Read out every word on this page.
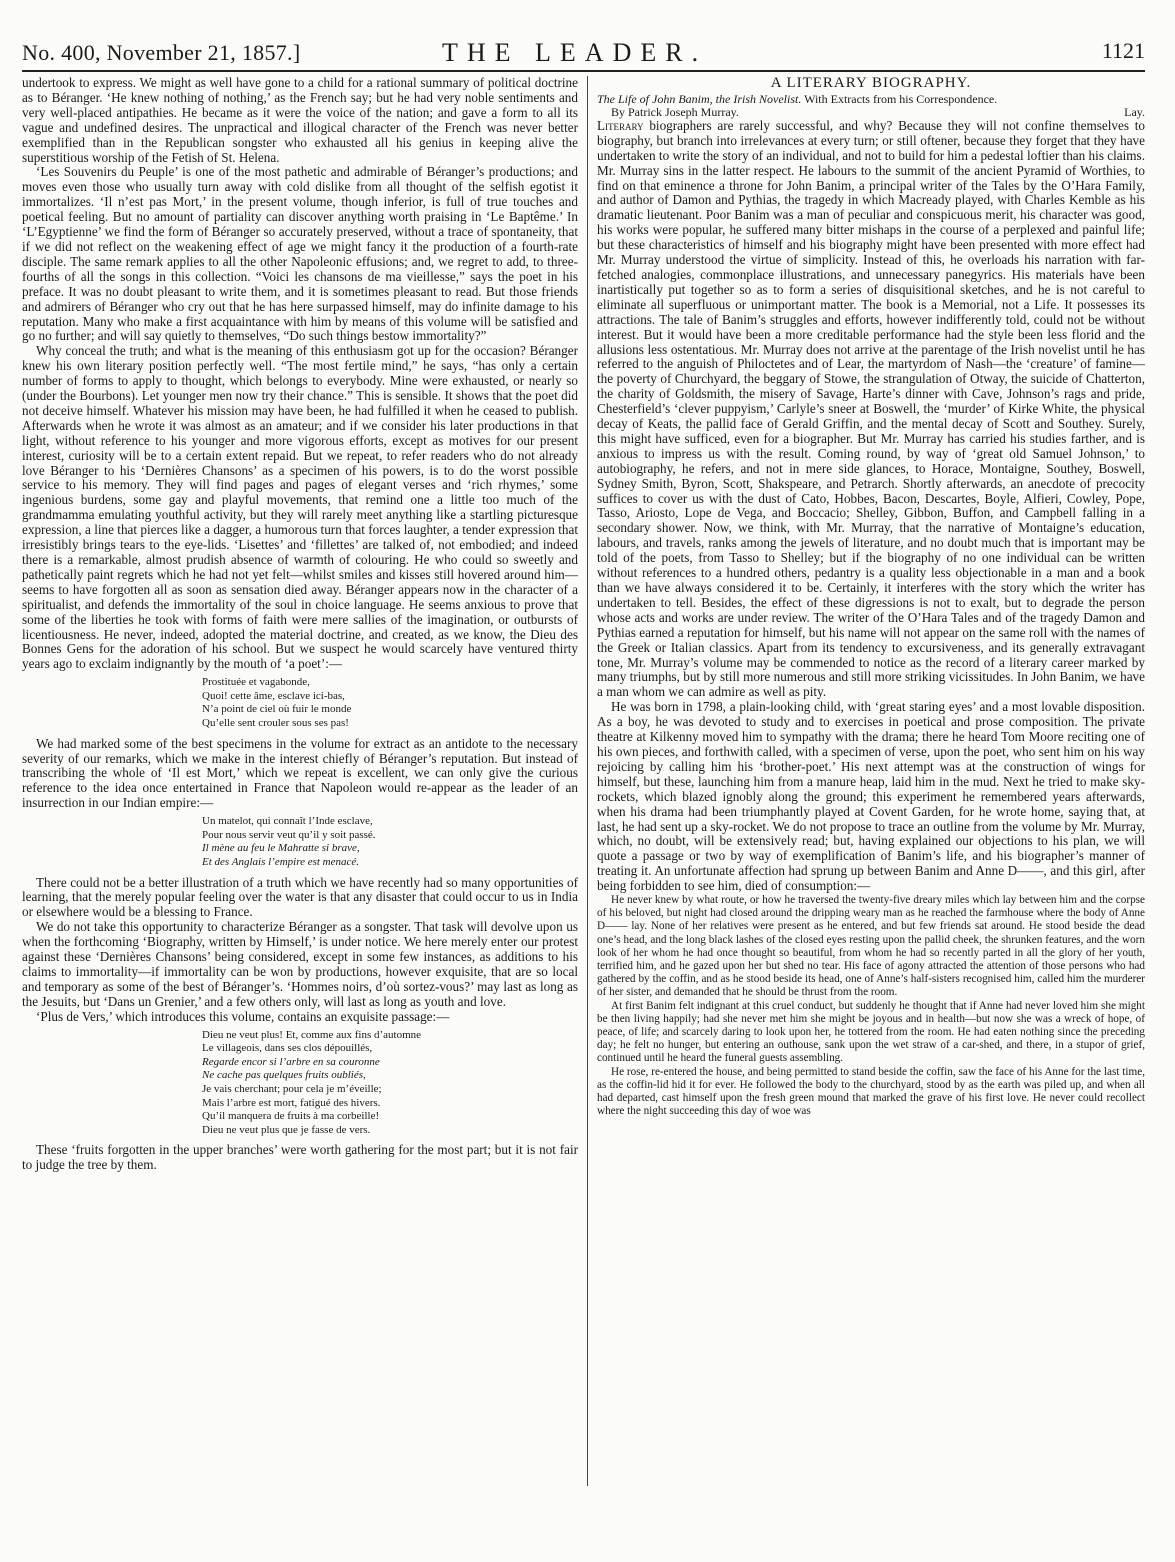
No. 400, November 21, 1857.]	THE LEADER.	1121

undertook to express. We might as well have gone to a child for a rational summary of political doctrine as to Béranger. ‘He knew nothing of nothing,’ as the French say; but he had very noble sentiments and very well-placed antipathies. He became as it were the voice of the nation; and gave a form to all its vague and undefined desires. The unpractical and illogical character of the French was never better exemplified than in the Republican songster who exhausted all his genius in keeping alive the superstitious worship of the Fetish of St. Helena.

‘Les Souvenirs du Peuple’ is one of the most pathetic and admirable of Béranger’s productions; and moves even those who usually turn away with cold dislike from all thought of the selfish egotist it immortalizes. ‘Il n’est pas Mort,’ in the present volume, though inferior, is full of true touches and poetical feeling. But no amount of partiality can discover anything worth praising in ‘Le Baptême.’ In ‘L’Egyptienne’ we find the form of Béranger so accurately preserved, without a trace of spontaneity, that if we did not reflect on the weakening effect of age we might fancy it the production of a fourth-rate disciple. The same remark applies to all the other Napoleonic effusions; and, we regret to add, to three-fourths of all the songs in this collection. “Voici les chansons de ma vieillesse,” says the poet in his preface. It was no doubt pleasant to write them, and it is sometimes pleasant to read. But those friends and admirers of Béranger who cry out that he has here surpassed himself, may do infinite damage to his reputation. Many who make a first acquaintance with him by means of this volume will be satisfied and go no further; and will say quietly to themselves, “Do such things bestow immortality?”

Why conceal the truth; and what is the meaning of this enthusiasm got up for the occasion? Béranger knew his own literary position perfectly well. “The most fertile mind,” he says, “has only a certain number of forms to apply to thought, which belongs to everybody. Mine were exhausted, or nearly so (under the Bourbons). Let younger men now try their chance.” This is sensible. It shows that the poet did not deceive himself. Whatever his mission may have been, he had fulfilled it when he ceased to publish. Afterwards when he wrote it was almost as an amateur; and if we consider his later productions in that light, without reference to his younger and more vigorous efforts, except as motives for our present interest, curiosity will be to a certain extent repaid. But we repeat, to refer readers who do not already love Béranger to his ‘Dernières Chansons’ as a specimen of his powers, is to do the worst possible service to his memory. They will find pages and pages of elegant verses and ‘rich rhymes,’ some ingenious burdens, some gay and playful movements, that remind one a little too much of the grandmamma emulating youthful activity, but they will rarely meet anything like a startling picturesque expression, a line that pierces like a dagger, a humorous turn that forces laughter, a tender expression that irresistibly brings tears to the eye-lids. ‘Lisettes’ and ‘fillettes’ are talked of, not embodied; and indeed there is a remarkable, almost prudish absence of warmth of colouring. He who could so sweetly and pathetically paint regrets which he had not yet felt—whilst smiles and kisses still hovered around him—seems to have forgotten all as soon as sensation died away. Béranger appears now in the character of a spiritualist, and defends the immortality of the soul in choice language. He seems anxious to prove that some of the liberties he took with forms of faith were mere sallies of the imagination, or outbursts of licentiousness. He never, indeed, adopted the material doctrine, and created, as we know, the Dieu des Bonnes Gens for the adoration of his school. But we suspect he would scarcely have ventured thirty years ago to exclaim indignantly by the mouth of ‘a poet’:—

Prostituée et vagabonde,
Quoi! cette âme, esclave ici-bas,
N’a point de ciel où fuir le monde
Qu’elle sent crouler sous ses pas!

We had marked some of the best specimens in the volume for extract as an antidote to the necessary severity of our remarks, which we make in the interest chiefly of Béranger’s reputation. But instead of transcribing the whole of ‘Il est Mort,’ which we repeat is excellent, we can only give the curious reference to the idea once entertained in France that Napoleon would re-appear as the leader of an insurrection in our Indian empire:—

Un matelot, qui connaît l’Inde esclave,
Pour nous servir veut qu’il y soit passé.
Il mène au feu le Mahratte si brave,
Et des Anglais l’empire est menacé.

There could not be a better illustration of a truth which we have recently had so many opportunities of learning, that the merely popular feeling over the water is that any disaster that could occur to us in India or elsewhere would be a blessing to France.

We do not take this opportunity to characterize Béranger as a songster. That task will devolve upon us when the forthcoming ‘Biography, written by Himself,’ is under notice. We here merely enter our protest against these ‘Dernières Chansons’ being considered, except in some few instances, as additions to his claims to immortality—if immortality can be won by productions, however exquisite, that are so local and temporary as some of the best of Béranger’s. ‘Hommes noirs, d’où sortez-vous?’ may last as long as the Jesuits, but ‘Dans un Grenier,’ and a few others only, will last as long as youth and love.

‘Plus de Vers,’ which introduces this volume, contains an exquisite passage:—

Dieu ne veut plus! Et, comme aux fins d’automne
Le villageois, dans ses clos dépouillés,
Regarde encor si l’arbre en sa couronne
Ne cache pas quelques fruits oubliés,
Je vais cherchant; pour cela je m’éveille;
Mais l’arbre est mort, fatigué des hivers.
Qu’il manquera de fruits à ma corbeille!
Dieu ne veut plus que je fasse de vers.

These ‘fruits forgotten in the upper branches’ were worth gathering for the most part; but it is not fair to judge the tree by them.

A LITERARY BIOGRAPHY.
The Life of John Banim, the Irish Novelist. With Extracts from his Correspondence.
By Patrick Joseph Murray.	Lay.

Literary biographers are rarely successful, and why? Because they will not confine themselves to biography, but branch into irrelevances at every turn; or still oftener, because they forget that they have undertaken to write the story of an individual, and not to build for him a pedestal loftier than his claims. Mr. Murray sins in the latter respect. He labours to the summit of the ancient Pyramid of Worthies, to find on that eminence a throne for John Banim, a principal writer of the Tales by the O’Hara Family, and author of Damon and Pythias, the tragedy in which Macready played, with Charles Kemble as his dramatic lieutenant. Poor Banim was a man of peculiar and conspicuous merit, his character was good, his works were popular, he suffered many bitter mishaps in the course of a perplexed and painful life; but these characteristics of himself and his biography might have been presented with more effect had Mr. Murray understood the virtue of simplicity. Instead of this, he overloads his narration with far-fetched analogies, commonplace illustrations, and unnecessary panegyrics. His materials have been inartistically put together so as to form a series of disquisitional sketches, and he is not careful to eliminate all superfluous or unimportant matter. The book is a Memorial, not a Life. It possesses its attractions. The tale of Banim’s struggles and efforts, however indifferently told, could not be without interest. But it would have been a more creditable performance had the style been less florid and the allusions less ostentatious. Mr. Murray does not arrive at the parentage of the Irish novelist until he has referred to the anguish of Philoctetes and of Lear, the martyrdom of Nash—the ‘creature’ of famine—the poverty of Churchyard, the beggary of Stowe, the strangulation of Otway, the suicide of Chatterton, the charity of Goldsmith, the misery of Savage, Harte’s dinner with Cave, Johnson’s rags and pride, Chesterfield’s ‘clever puppyism,’ Carlyle’s sneer at Boswell, the ‘murder’ of Kirke White, the physical decay of Keats, the pallid face of Gerald Griffin, and the mental decay of Scott and Southey. Surely, this might have sufficed, even for a biographer. But Mr. Murray has carried his studies farther, and is anxious to impress us with the result. Coming round, by way of ‘great old Samuel Johnson,’ to autobiography, he refers, and not in mere side glances, to Horace, Montaigne, Southey, Boswell, Sydney Smith, Byron, Scott, Shakspeare, and Petrarch. Shortly afterwards, an anecdote of precocity suffices to cover us with the dust of Cato, Hobbes, Bacon, Descartes, Boyle, Alfieri, Cowley, Pope, Tasso, Ariosto, Lope de Vega, and Boccacio; Shelley, Gibbon, Buffon, and Campbell falling in a secondary shower. Now, we think, with Mr. Murray, that the narrative of Montaigne’s education, labours, and travels, ranks among the jewels of literature, and no doubt much that is important may be told of the poets, from Tasso to Shelley; but if the biography of no one individual can be written without references to a hundred others, pedantry is a quality less objectionable in a man and a book than we have always considered it to be. Certainly, it interferes with the story which the writer has undertaken to tell. Besides, the effect of these digressions is not to exalt, but to degrade the person whose acts and works are under review. The writer of the O’Hara Tales and of the tragedy Damon and Pythias earned a reputation for himself, but his name will not appear on the same roll with the names of the Greek or Italian classics. Apart from its tendency to excursiveness, and its generally extravagant tone, Mr. Murray’s volume may be commended to notice as the record of a literary career marked by many triumphs, but by still more numerous and still more striking vicissitudes. In John Banim, we have a man whom we can admire as well as pity.

He was born in 1798, a plain-looking child, with ‘great staring eyes’ and a most lovable disposition. As a boy, he was devoted to study and to exercises in poetical and prose composition. The private theatre at Kilkenny moved him to sympathy with the drama; there he heard Tom Moore reciting one of his own pieces, and forthwith called, with a specimen of verse, upon the poet, who sent him on his way rejoicing by calling him his ‘brother-poet.’ His next attempt was at the construction of wings for himself, but these, launching him from a manure heap, laid him in the mud. Next he tried to make sky-rockets, which blazed ignobly along the ground; this experiment he remembered years afterwards, when his drama had been triumphantly played at Covent Garden, for he wrote home, saying that, at last, he had sent up a sky-rocket. We do not propose to trace an outline from the volume by Mr. Murray, which, no doubt, will be extensively read; but, having explained our objections to his plan, we will quote a passage or two by way of exemplification of Banim’s life, and his biographer’s manner of treating it. An unfortunate affection had sprung up between Banim and Anne D——, and this girl, after being forbidden to see him, died of consumption:—

He never knew by what route, or how he traversed the twenty-five dreary miles which lay between him and the corpse of his beloved, but night had closed around the dripping weary man as he reached the farmhouse where the body of Anne D—— lay. None of her relatives were present as he entered, and but few friends sat around. He stood beside the dead one’s head, and the long black lashes of the closed eyes resting upon the pallid cheek, the shrunken features, and the worn look of her whom he had once thought so beautiful, from whom he had so recently parted in all the glory of her youth, terrified him, and he gazed upon her but shed no tear. His face of agony attracted the attention of those persons who had gathered by the coffin, and as he stood beside its head, one of Anne’s half-sisters recognised him, called him the murderer of her sister, and demanded that he should be thrust from the room.

At first Banim felt indignant at this cruel conduct, but suddenly he thought that if Anne had never loved him she might be then living happily; had she never met him she might be joyous and in health—but now she was a wreck of hope, of peace, of life; and scarcely daring to look upon her, he tottered from the room. He had eaten nothing since the preceding day; he felt no hunger, but entering an outhouse, sank upon the wet straw of a car-shed, and there, in a stupor of grief, continued until he heard the funeral guests assembling.

He rose, re-entered the house, and being permitted to stand beside the coffin, saw the face of his Anne for the last time, as the coffin-lid hid it for ever. He followed the body to the churchyard, stood by as the earth was piled up, and when all had departed, cast himself upon the fresh green mound that marked the grave of his first love. He never could recollect where the night succeeding this day of woe was
